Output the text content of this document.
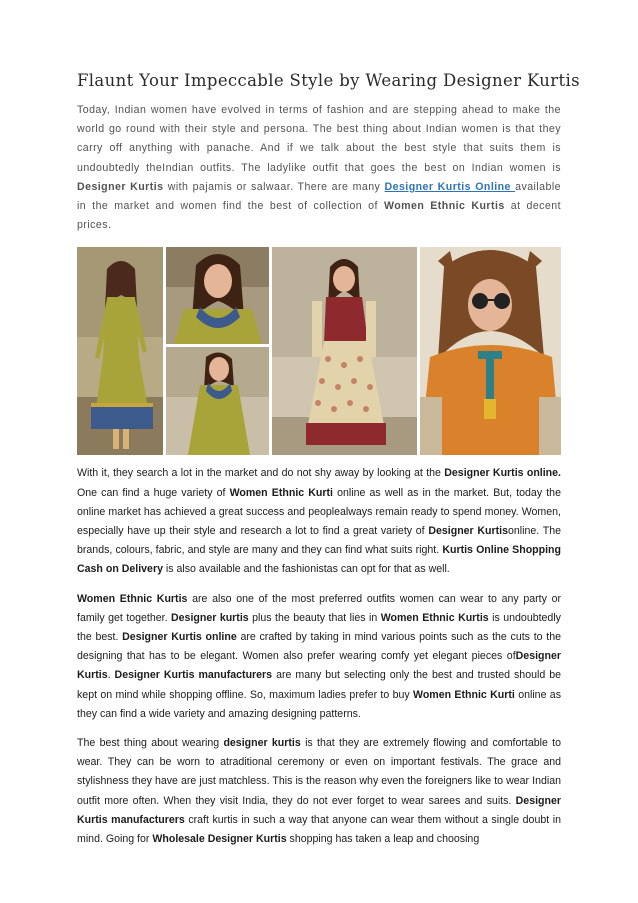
Flaunt Your Impeccable Style by Wearing Designer Kurtis

Today, Indian women have evolved in terms of fashion and are stepping ahead to make the world go round with their style and persona. The best thing about Indian women is that they carry off anything with panache. And if we talk about the best style that suits them is undoubtedly theIndian outfits. The ladylike outfit that goes the best on Indian women is Designer Kurtis with pajamis or salwaar. There are many Designer Kurtis Online available in the market and women find the best of collection of Women Ethnic Kurtis at decent prices.

With it, they search a lot in the market and do not shy away by looking at the Designer Kurtis online. One can find a huge variety of Women Ethnic Kurti online as well as in the market. But, today the online market has achieved a great success and peoplealways remain ready to spend money. Women, especially have up their style and research a lot to find a great variety of Designer Kurtisonline. The brands, colours, fabric, and style are many and they can find what suits right. Kurtis Online Shopping Cash on Delivery is also available and the fashionistas can opt for that as well.

Women Ethnic Kurtis are also one of the most preferred outfits women can wear to any party or family get together. Designer kurtis plus the beauty that lies in Women Ethnic Kurtis is undoubtedly the best. Designer Kurtis online are crafted by taking in mind various points such as the cuts to the designing that has to be elegant. Women also prefer wearing comfy yet elegant pieces ofDesigner Kurtis. Designer Kurtis manufacturers are many but selecting only the best and trusted should be kept on mind while shopping offline. So, maximum ladies prefer to buy Women Ethnic Kurti online as they can find a wide variety and amazing designing patterns.

The best thing about wearing designer kurtis is that they are extremely flowing and comfortable to wear. They can be worn to atraditional ceremony or even on important festivals. The grace and stylishness they have are just matchless. This is the reason why even the foreigners like to wear Indian outfit more often. When they visit India, they do not ever forget to wear sarees and suits. Designer Kurtis manufacturers craft kurtis in such a way that anyone can wear them without a single doubt in mind. Going for Wholesale Designer Kurtis shopping has taken a leap and choosing
